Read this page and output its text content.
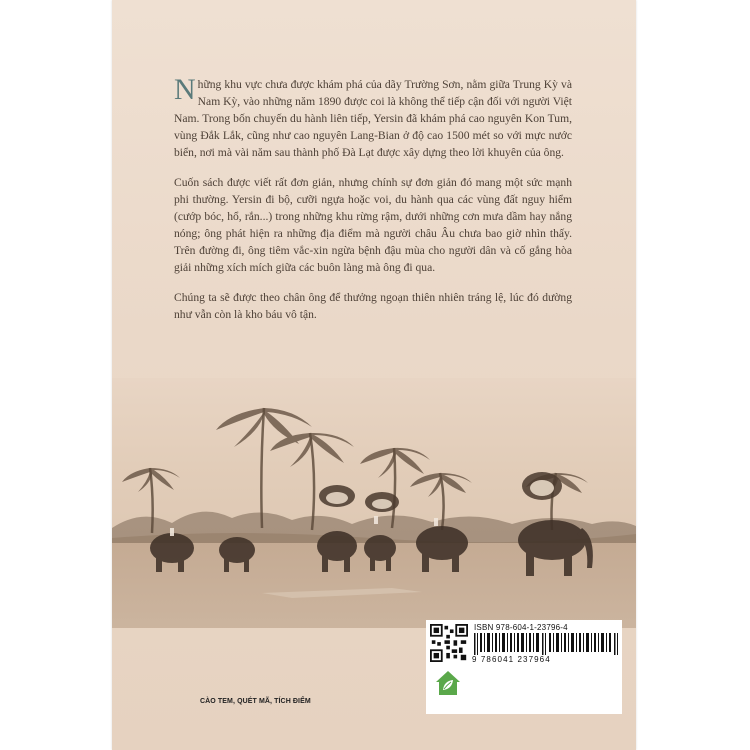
Những khu vực chưa được khám phá của dãy Trường Sơn, nằm giữa Trung Kỳ và Nam Kỳ, vào những năm 1890 được coi là không thể tiếp cận đối với người Việt Nam. Trong bốn chuyến du hành liên tiếp, Yersin đã khám phá cao nguyên Kon Tum, vùng Đắk Lắk, cũng như cao nguyên Lang-Bian ở độ cao 1500 mét so với mực nước biển, nơi mà vài năm sau thành phố Đà Lạt được xây dựng theo lời khuyên của ông.

Cuốn sách được viết rất đơn giản, nhưng chính sự đơn giản đó mang một sức mạnh phi thường. Yersin đi bộ, cưỡi ngựa hoặc voi, du hành qua các vùng đất nguy hiểm (cướp bóc, hổ, rắn...) trong những khu rừng rậm, dưới những cơn mưa dầm hay nắng nóng; ông phát hiện ra những địa điểm mà người châu Âu chưa bao giờ nhìn thấy. Trên đường đi, ông tiêm vắc-xin ngừa bệnh đậu mùa cho người dân và cố gắng hòa giải những xích mích giữa các buôn làng mà ông đi qua.

Chúng ta sẽ được theo chân ông để thưởng ngoạn thiên nhiên tráng lệ, lúc đó dường như vẫn còn là kho báu vô tận.

ISBN 978-604-1-23796-4
9 786041 237964
CÀO TEM, QUÉT MÃ, TÍCH ĐIỂM
